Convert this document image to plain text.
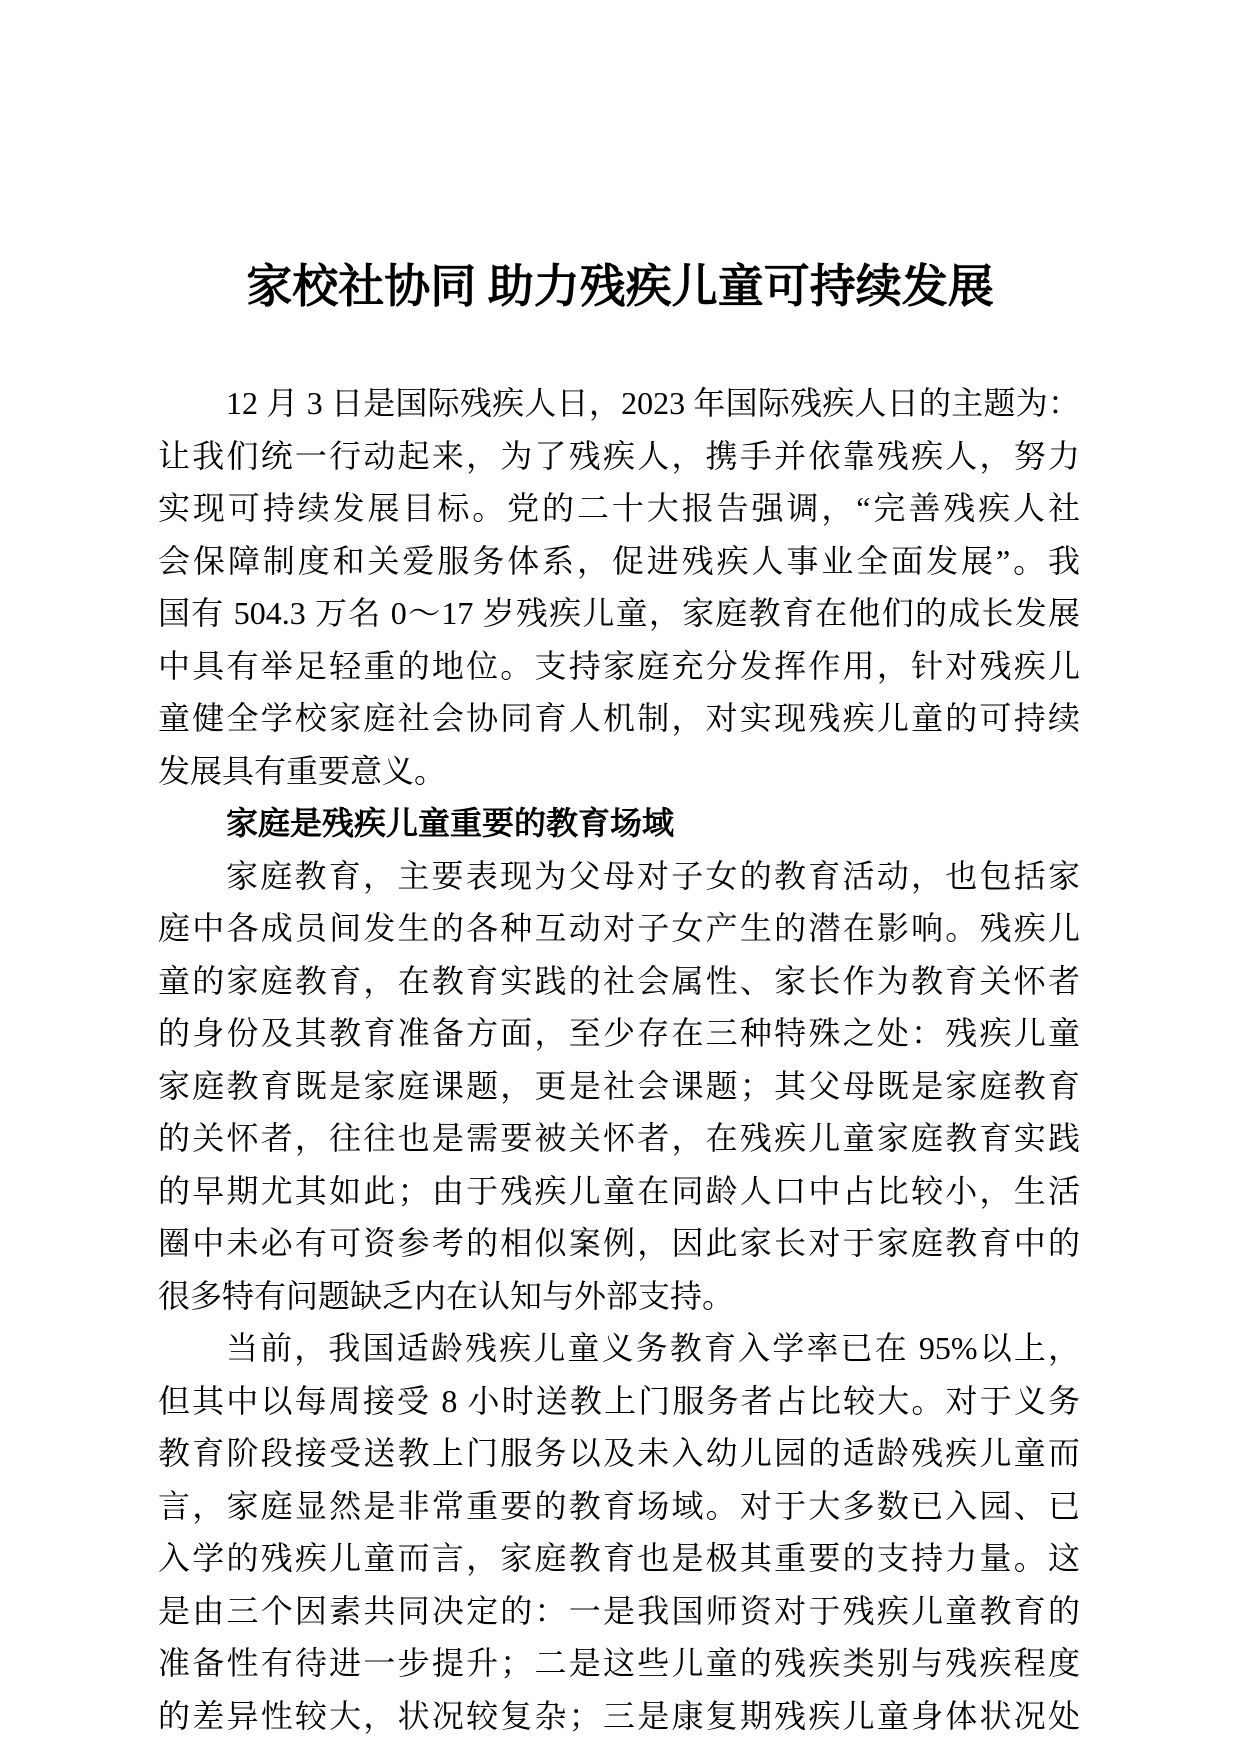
家校社协同 助力残疾儿童可持续发展
12 月 3 日是国际残疾人日，2023 年国际残疾人日的主题为：
让我们统一行动起来，为了残疾人，携手并依靠残疾人，努力
实现可持续发展目标。党的二十大报告强调，“完善残疾人社
会保障制度和关爱服务体系，促进残疾人事业全面发展”。我
国有 504.3 万名 0～17 岁残疾儿童，家庭教育在他们的成长发展
中具有举足轻重的地位。支持家庭充分发挥作用，针对残疾儿
童健全学校家庭社会协同育人机制，对实现残疾儿童的可持续
发展具有重要意义。
家庭是残疾儿童重要的教育场域
家庭教育，主要表现为父母对子女的教育活动，也包括家
庭中各成员间发生的各种互动对子女产生的潜在影响。残疾儿
童的家庭教育，在教育实践的社会属性、家长作为教育关怀者
的身份及其教育准备方面，至少存在三种特殊之处：残疾儿童
家庭教育既是家庭课题，更是社会课题；其父母既是家庭教育
的关怀者，往往也是需要被关怀者，在残疾儿童家庭教育实践
的早期尤其如此；由于残疾儿童在同龄人口中占比较小，生活
圈中未必有可资参考的相似案例，因此家长对于家庭教育中的
很多特有问题缺乏内在认知与外部支持。
当前，我国适龄残疾儿童义务教育入学率已在 95%以上，
但其中以每周接受 8 小时送教上门服务者占比较大。对于义务
教育阶段接受送教上门服务以及未入幼儿园的适龄残疾儿童而
言，家庭显然是非常重要的教育场域。对于大多数已入园、已
入学的残疾儿童而言，家庭教育也是极其重要的支持力量。这
是由三个因素共同决定的：一是我国师资对于残疾儿童教育的
准备性有待进一步提升；二是这些儿童的残疾类别与残疾程度
的差异性较大，状况较复杂；三是康复期残疾儿童身体状况处
